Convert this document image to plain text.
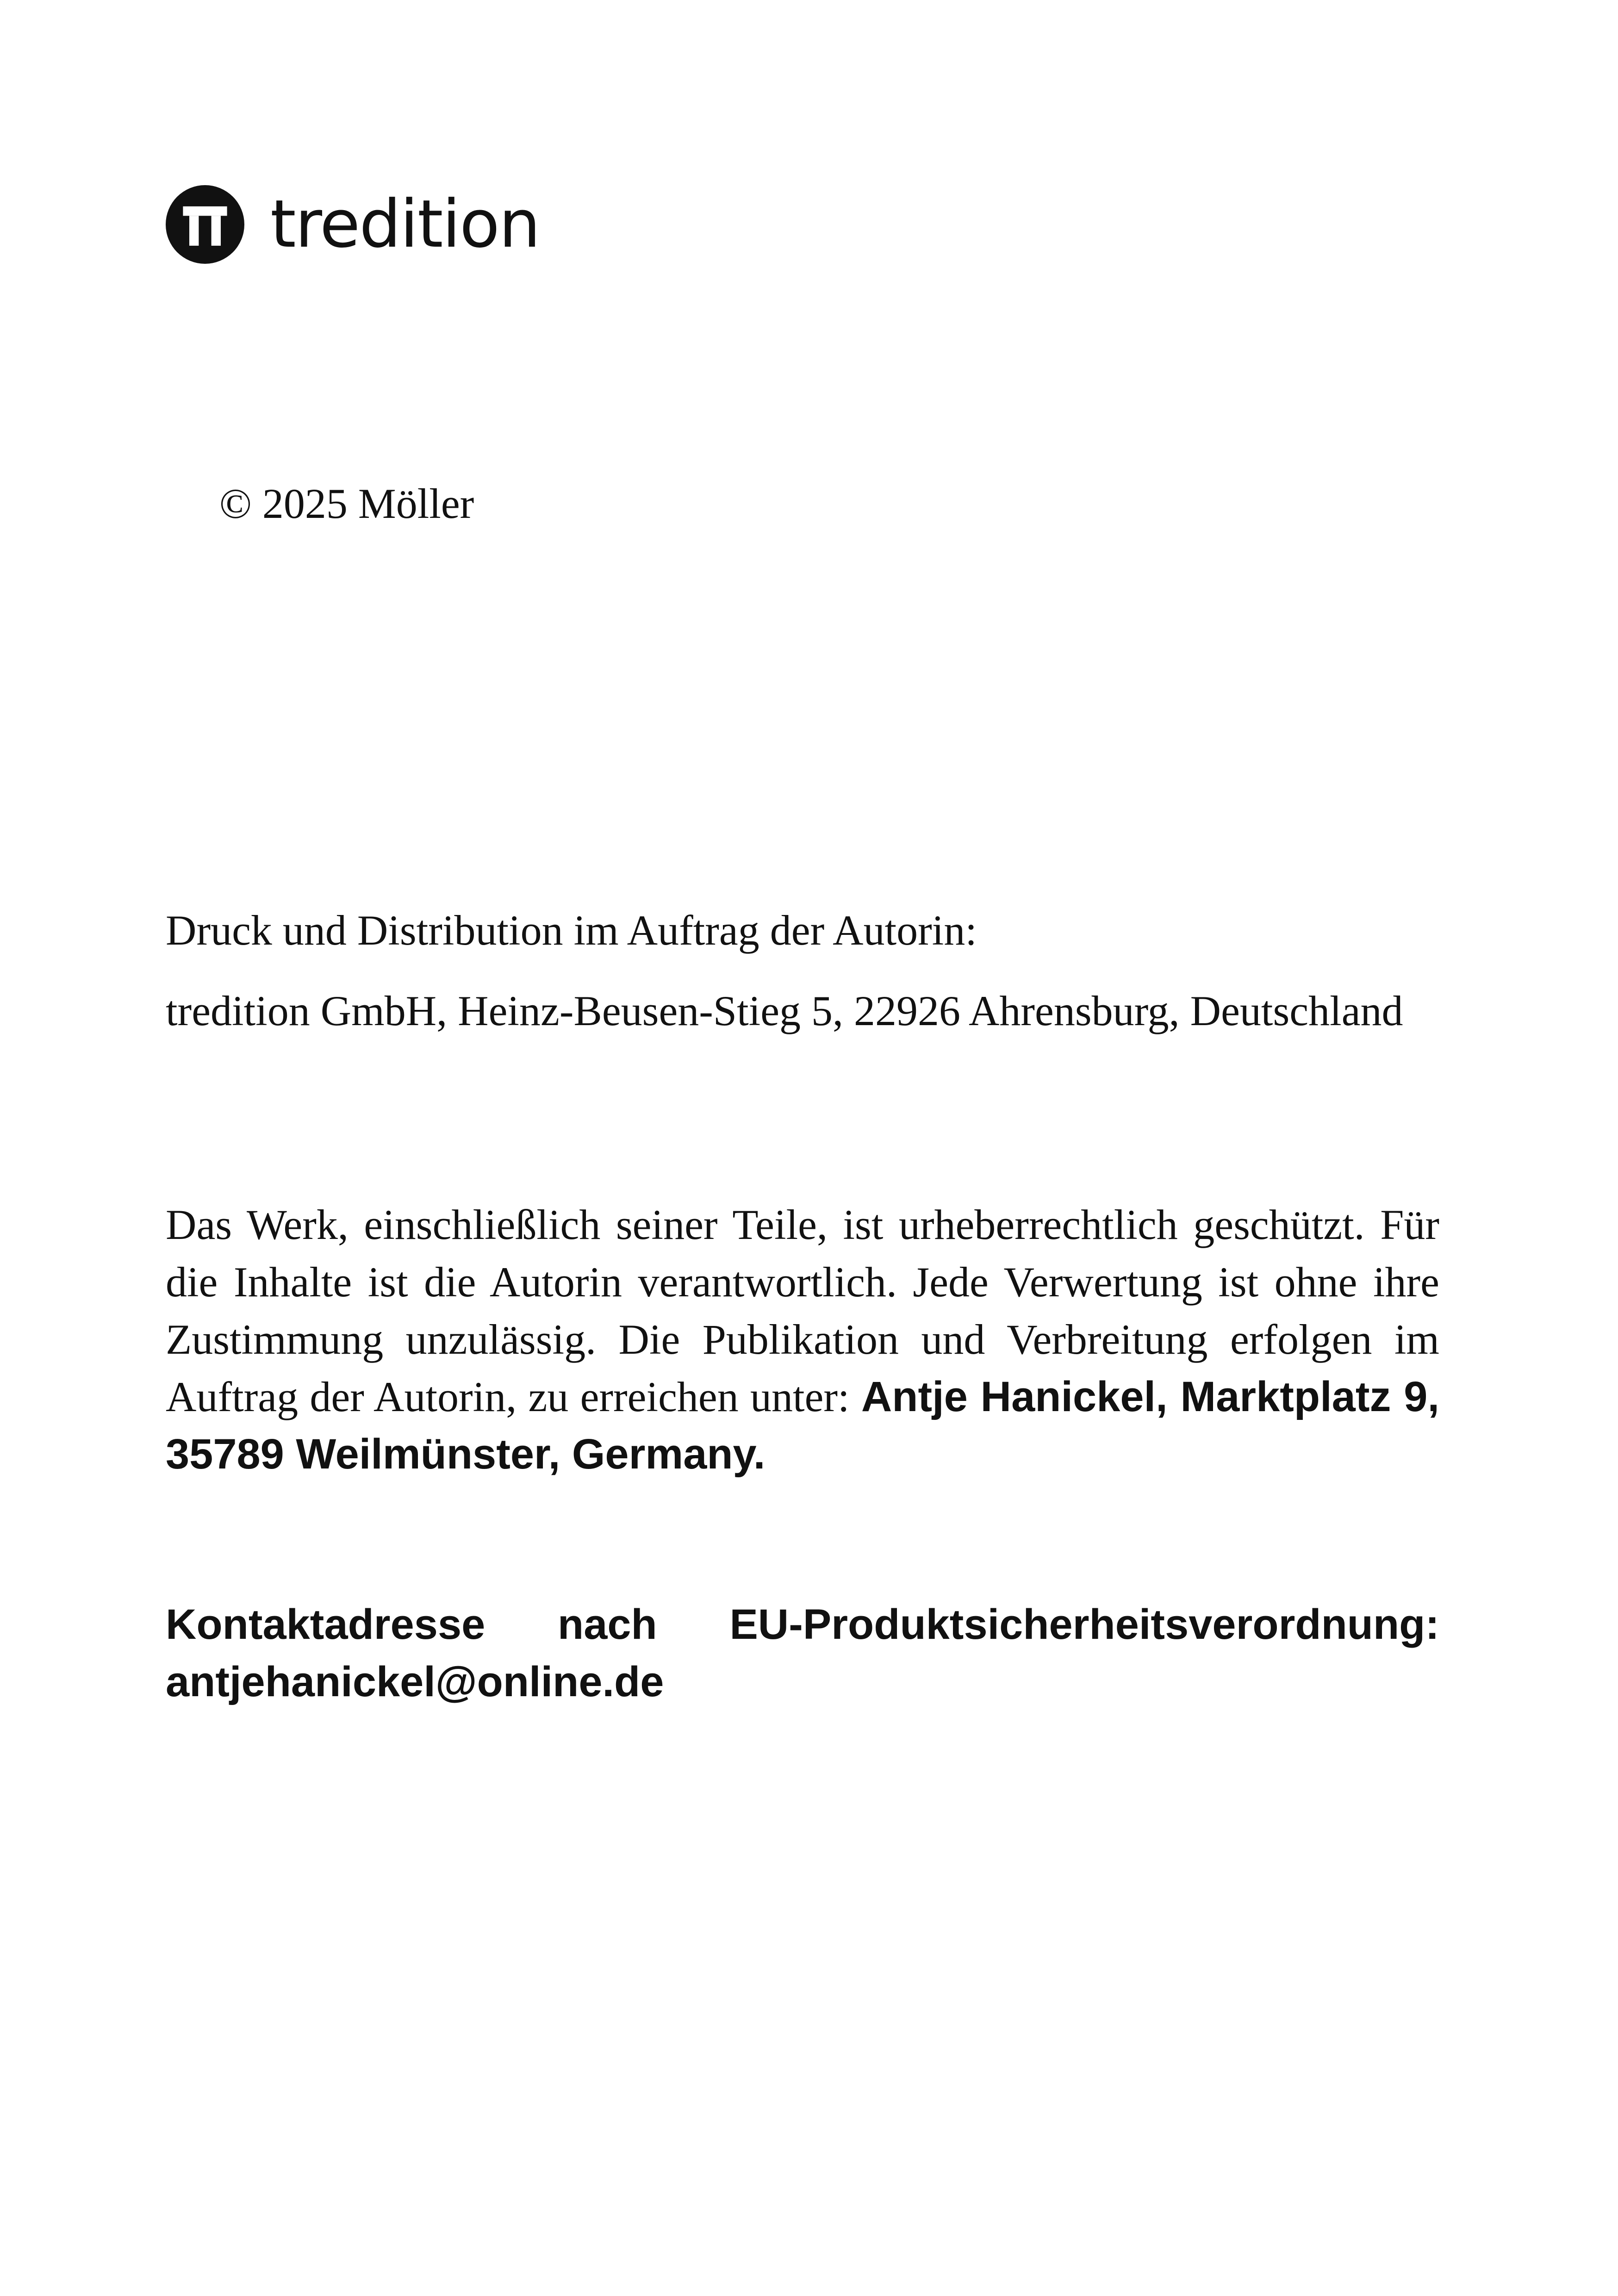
tredition

© 2025 Möller

Druck und Distribution im Auftrag der Autorin:

tredition GmbH, Heinz-Beusen-Stieg 5, 22926 Ahrensburg, Deutschland

Das Werk, einschließlich seiner Teile, ist urheberrechtlich geschützt. Für die Inhalte ist die Autorin verantwortlich. Jede Verwertung ist ohne ihre Zustimmung unzulässig. Die Publikation und Verbreitung erfolgen im Auftrag der Autorin, zu erreichen unter: Antje Hanickel, Marktplatz 9, 35789 Weilmünster, Germany.

Kontaktadresse nach EU-Produktsicherheitsverordnung: antjehanickel@online.de
